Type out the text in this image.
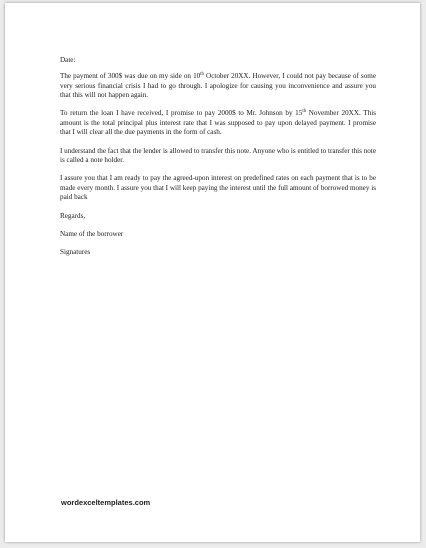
Date:

The payment of 300$ was due on my side on 10th October 20XX. However, I could not pay because of some very serious financial crisis I had to go through. I apologize for causing you inconvenience and assure you that this will not happen again.

To return the loan I have received, I promise to pay 2000$ to Mr. Johnson by 15th November 20XX. This amount is the total principal plus interest rate that I was supposed to pay upon delayed payment. I promise that I will clear all the due payments in the form of cash.

I understand the fact that the lender is allowed to transfer this note. Anyone who is entitled to transfer this note is called a note holder.

I assure you that I am ready to pay the agreed-upon interest on predefined rates on each payment that is to be made every month. I assure you that I will keep paying the interest until the full amount of borrowed money is paid back

Regards,

Name of the borrower

Signatures

wordexceltemplates.com
